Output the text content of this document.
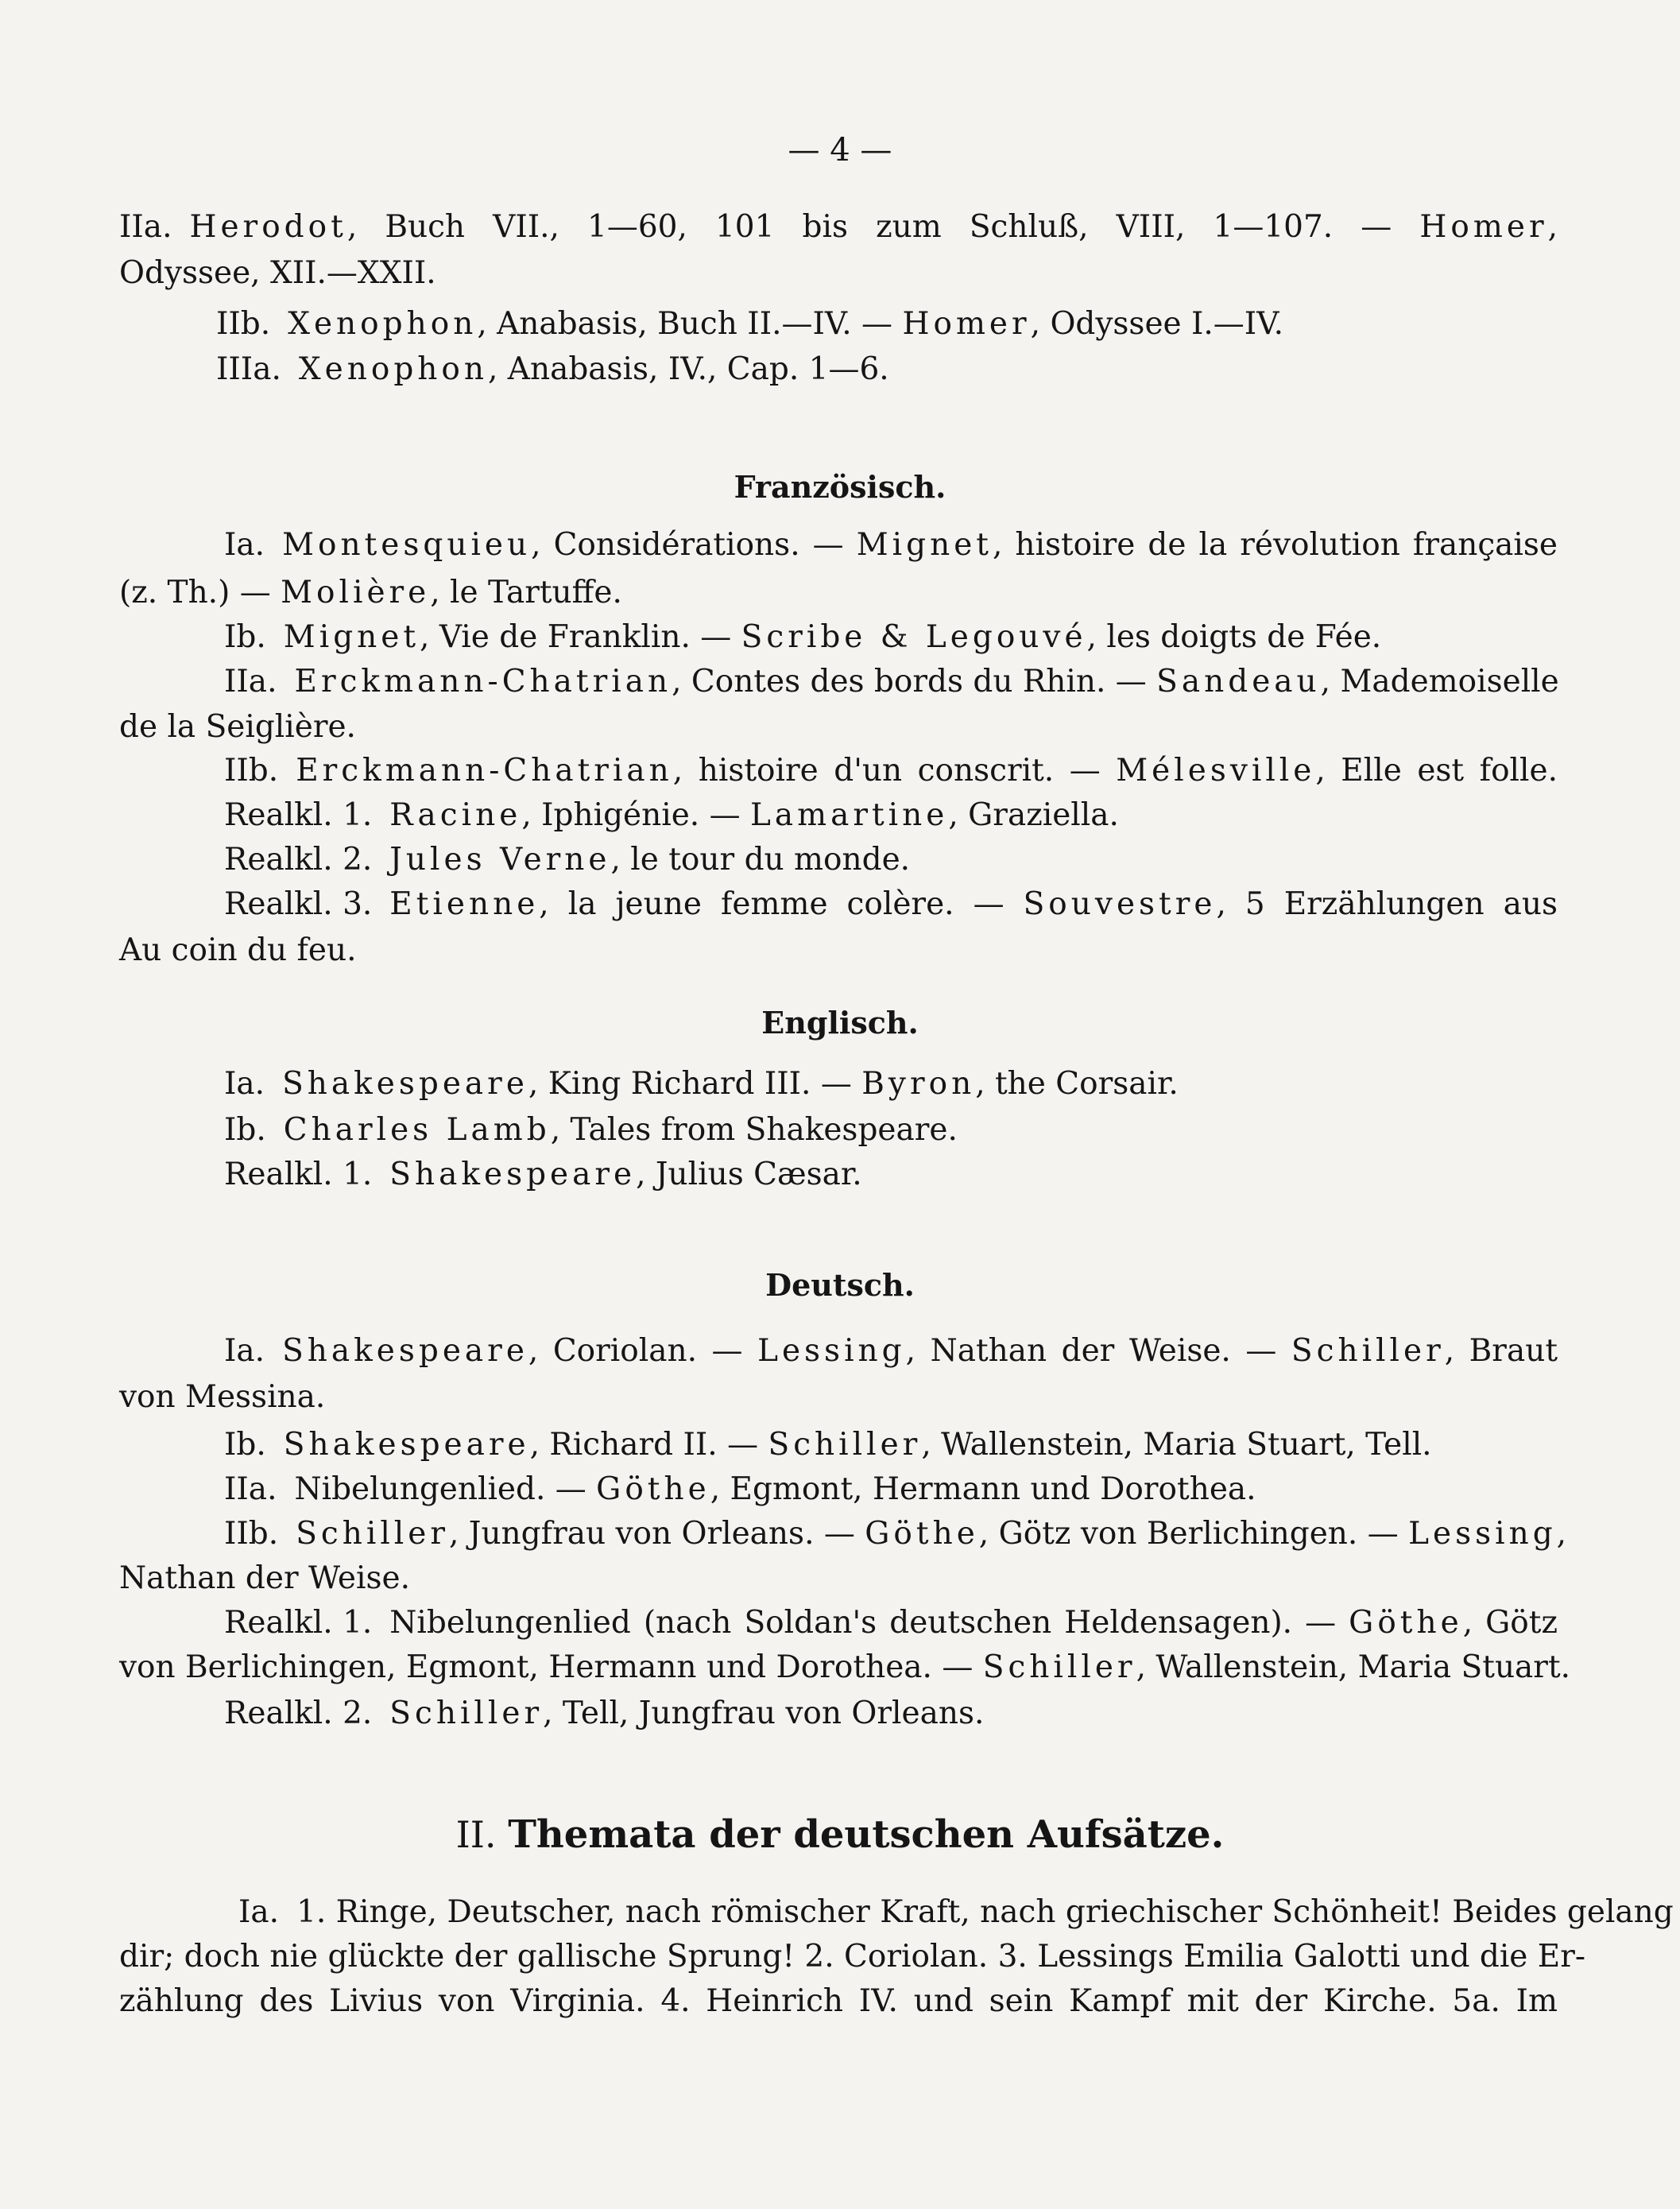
— 4 —
IIa. Herodot, Buch VII., 1—60, 101 bis zum Schluß, VIII, 1—107. — Homer,
Odyssee, XII.—XXII.
IIb. Xenophon, Anabasis, Buch II.—IV. — Homer, Odyssee I.—IV.
IIIa. Xenophon, Anabasis, IV., Cap. 1—6.
Französisch.
Ia. Montesquieu, Considérations. — Mignet, histoire de la révolution française
(z. Th.) — Molière, le Tartuffe.
Ib. Mignet, Vie de Franklin. — Scribe & Legouvé, les doigts de Fée.
IIa. Erckmann-Chatrian, Contes des bords du Rhin. — Sandeau, Mademoiselle
de la Seiglière.
IIb. Erckmann-Chatrian, histoire d'un conscrit. — Mélesville, Elle est folle.
Realkl. 1. Racine, Iphigénie. — Lamartine, Graziella.
Realkl. 2. Jules Verne, le tour du monde.
Realkl. 3. Etienne, la jeune femme colère. — Souvestre, 5 Erzählungen aus
Au coin du feu.
Englisch.
Ia. Shakespeare, King Richard III. — Byron, the Corsair.
Ib. Charles Lamb, Tales from Shakespeare.
Realkl. 1. Shakespeare, Julius Cæsar.
Deutsch.
Ia. Shakespeare, Coriolan. — Lessing, Nathan der Weise. — Schiller, Braut
von Messina.
Ib. Shakespeare, Richard II. — Schiller, Wallenstein, Maria Stuart, Tell.
IIa. Nibelungenlied. — Göthe, Egmont, Hermann und Dorothea.
IIb. Schiller, Jungfrau von Orleans. — Göthe, Götz von Berlichingen. — Lessing,
Nathan der Weise.
Realkl. 1. Nibelungenlied (nach Soldan's deutschen Heldensagen). — Göthe, Götz
von Berlichingen, Egmont, Hermann und Dorothea. — Schiller, Wallenstein, Maria Stuart.
Realkl. 2. Schiller, Tell, Jungfrau von Orleans.
II. Themata der deutschen Aufsätze.
Ia. 1. Ringe, Deutscher, nach römischer Kraft, nach griechischer Schönheit! Beides gelang
dir; doch nie glückte der gallische Sprung! 2. Coriolan. 3. Lessings Emilia Galotti und die Er-
zählung des Livius von Virginia. 4. Heinrich IV. und sein Kampf mit der Kirche. 5a. Im
